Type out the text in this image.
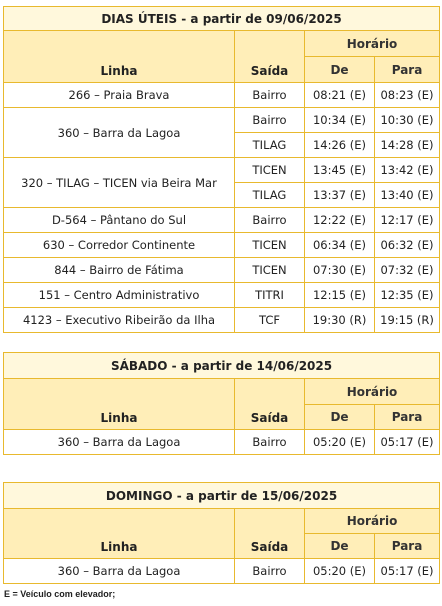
DIAS ÚTEIS - a partir de 09/06/2025			
Linha	Saída	Horário	
		De	Para
266 – Praia Brava	Bairro	08:21 (E)	08:23 (E)
360 – Barra da Lagoa	Bairro	10:34 (E)	10:30 (E)
	TILAG	14:26 (E)	14:28 (E)
320 – TILAG – TICEN via Beira Mar	TICEN	13:45 (E)	13:42 (E)
	TILAG	13:37 (E)	13:40 (E)
D-564 – Pântano do Sul	Bairro	12:22 (E)	12:17 (E)
630 – Corredor Continente	TICEN	06:34 (E)	06:32 (E)
844 – Bairro de Fátima	TICEN	07:30 (E)	07:32 (E)
151 – Centro Administrativo	TITRI	12:15 (E)	12:35 (E)
4123 – Executivo Ribeirão da Ilha	TCF	19:30 (R)	19:15 (R)
SÁBADO - a partir de 14/06/2025			
Linha	Saída	Horário	
		De	Para
360 – Barra da Lagoa	Bairro	05:20 (E)	05:17 (E)
DOMINGO - a partir de 15/06/2025			
Linha	Saída	Horário	
		De	Para
360 – Barra da Lagoa	Bairro	05:20 (E)	05:17 (E)
E = Veículo com elevador;
